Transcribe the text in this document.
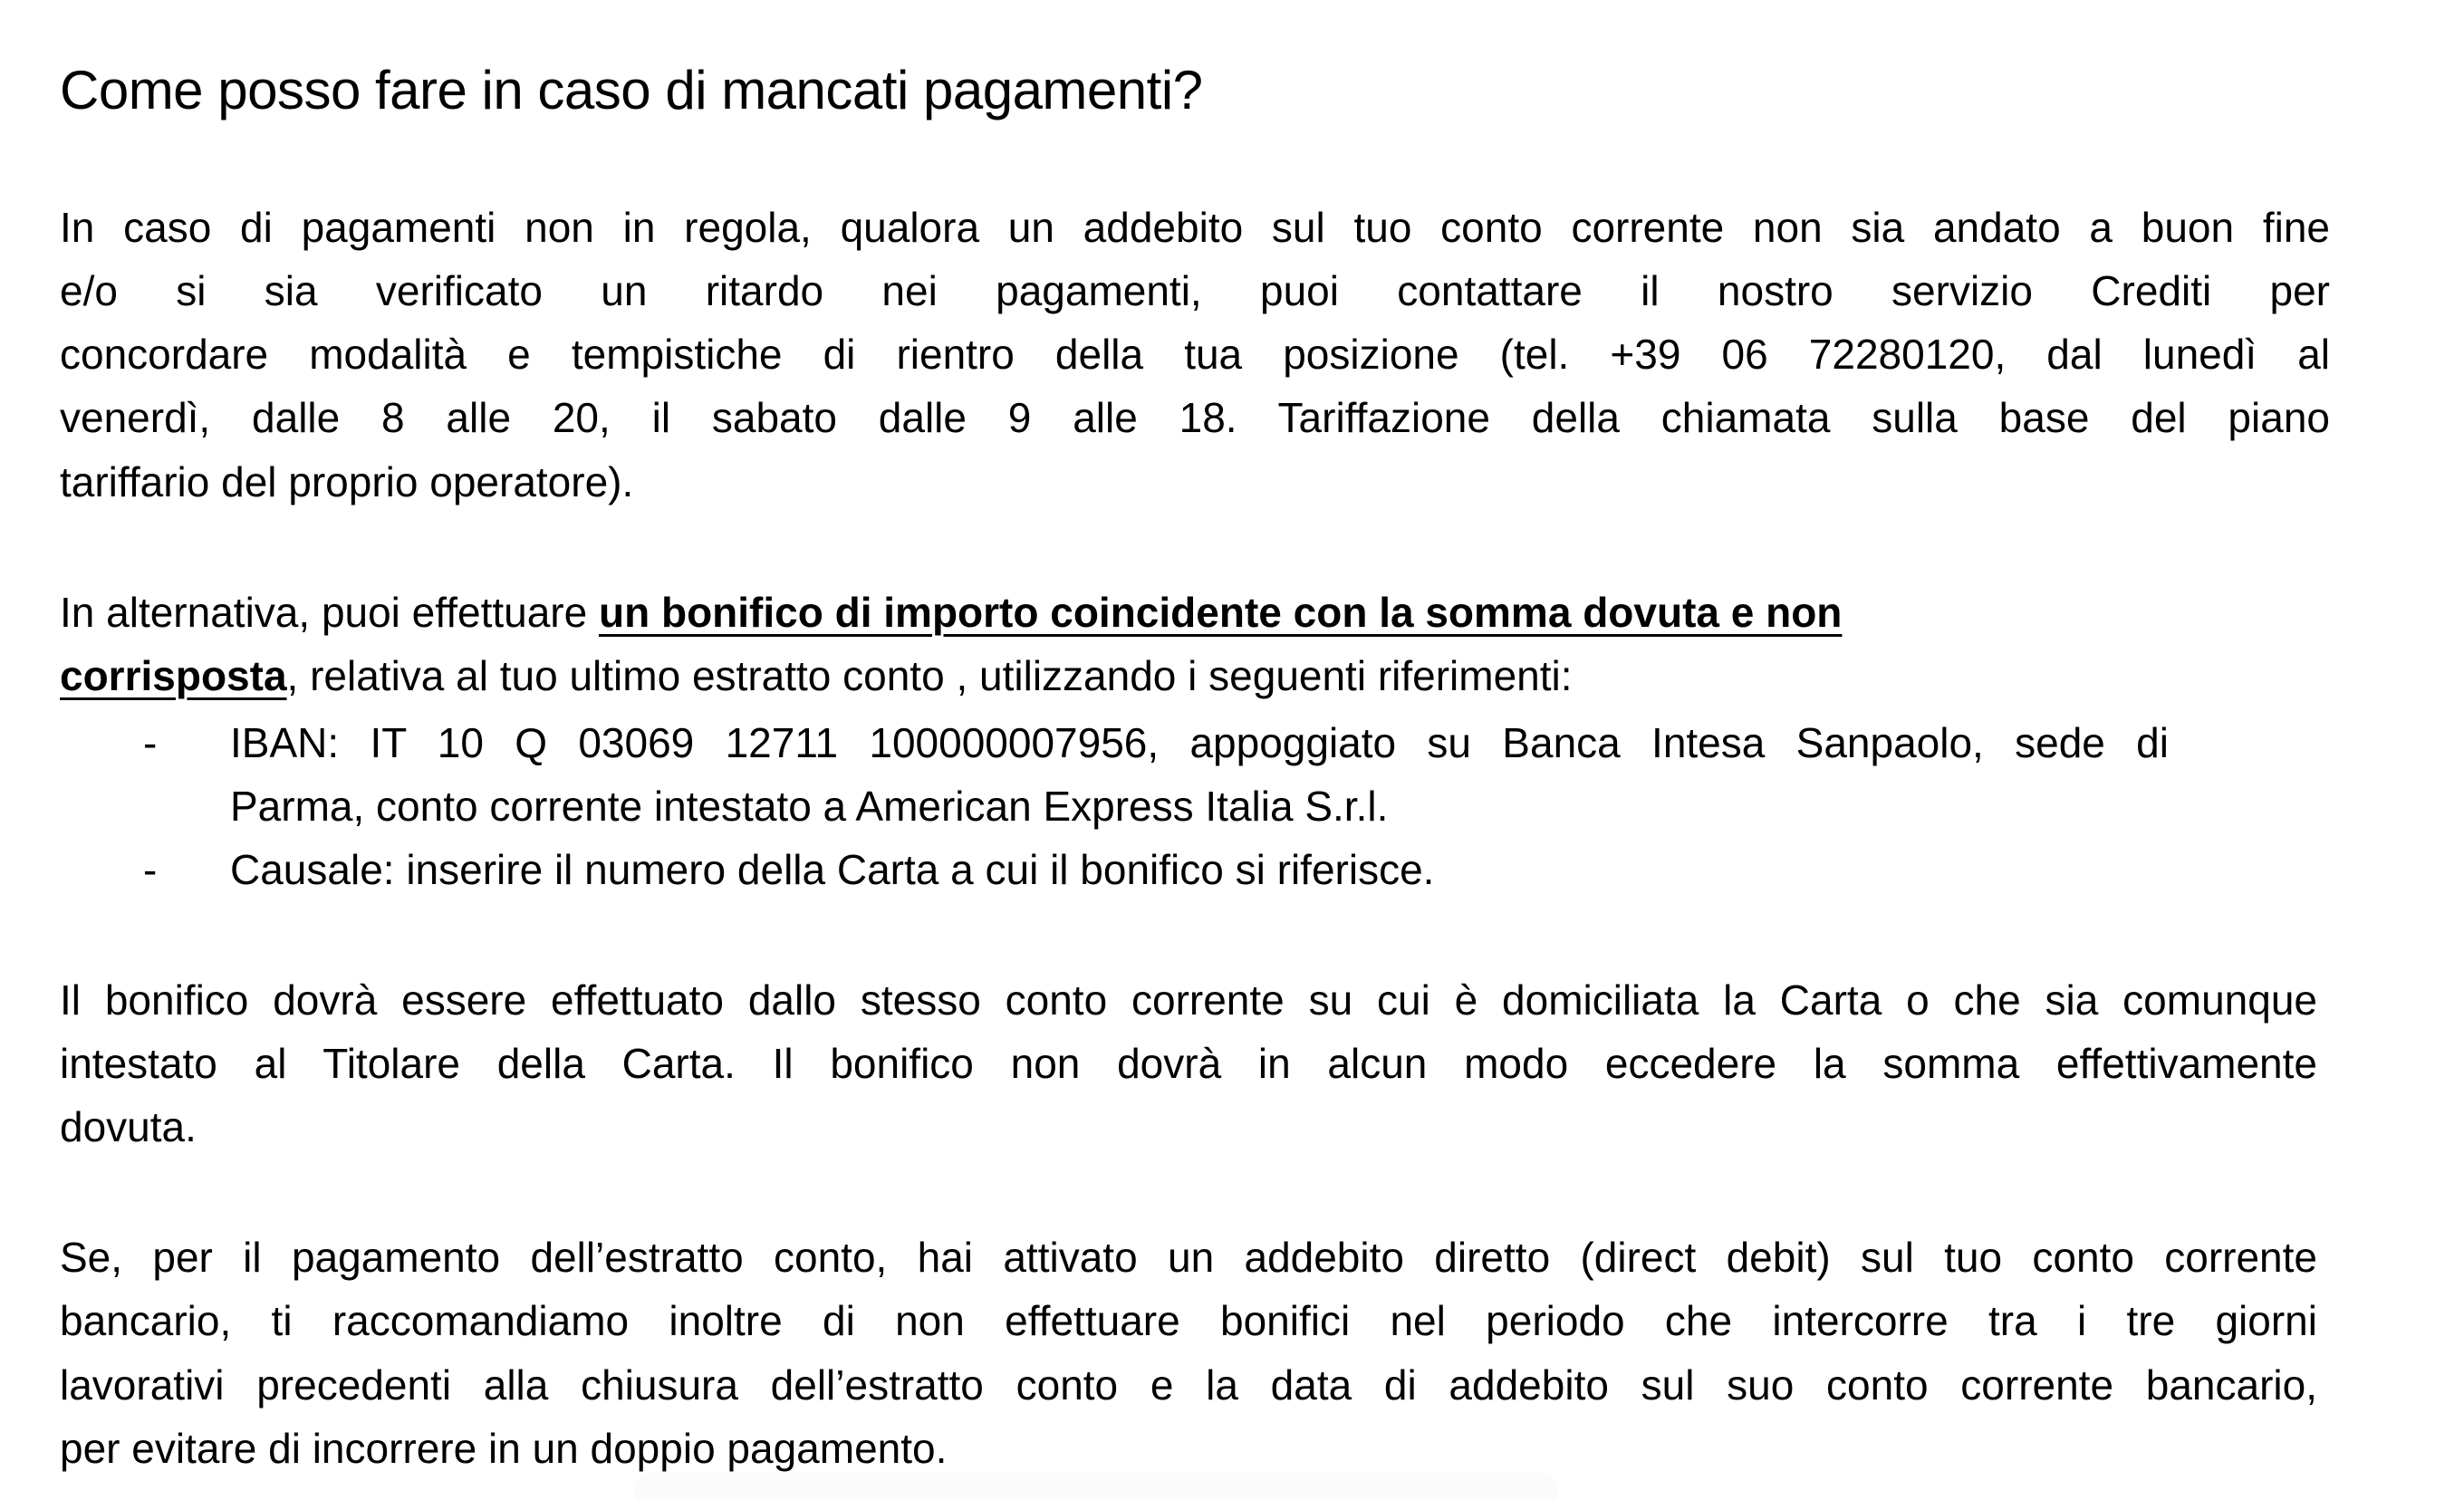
Come posso fare in caso di mancati pagamenti?
In caso di pagamenti non in regola, qualora un addebito sul tuo conto corrente non sia andato a buon fine
e/o si sia verificato un ritardo nei pagamenti, puoi contattare il nostro servizio Crediti per
concordare modalità e tempistiche di rientro della tua posizione (tel. +39 06 72280120, dal lunedì al
venerdì, dalle 8 alle 20, il sabato dalle 9 alle 18. Tariffazione della chiamata sulla base del piano
tariffario del proprio operatore).
In alternativa, puoi effettuare un bonifico di importo coincidente con la somma dovuta e non
corrisposta, relativa al tuo ultimo estratto conto , utilizzando i seguenti riferimenti:
- IBAN: IT 10 Q 03069 12711 100000007956, appoggiato su Banca Intesa Sanpaolo, sede di
Parma, conto corrente intestato a American Express Italia S.r.l.
- Causale: inserire il numero della Carta a cui il bonifico si riferisce.
Il bonifico dovrà essere effettuato dallo stesso conto corrente su cui è domiciliata la Carta o che sia comunque
intestato al Titolare della Carta. Il bonifico non dovrà in alcun modo eccedere la somma effettivamente
dovuta.
Se, per il pagamento dell’estratto conto, hai attivato un addebito diretto (direct debit) sul tuo conto corrente
bancario, ti raccomandiamo inoltre di non effettuare bonifici nel periodo che intercorre tra i tre giorni
lavorativi precedenti alla chiusura dell’estratto conto e la data di addebito sul suo conto corrente bancario,
per evitare di incorrere in un doppio pagamento.
